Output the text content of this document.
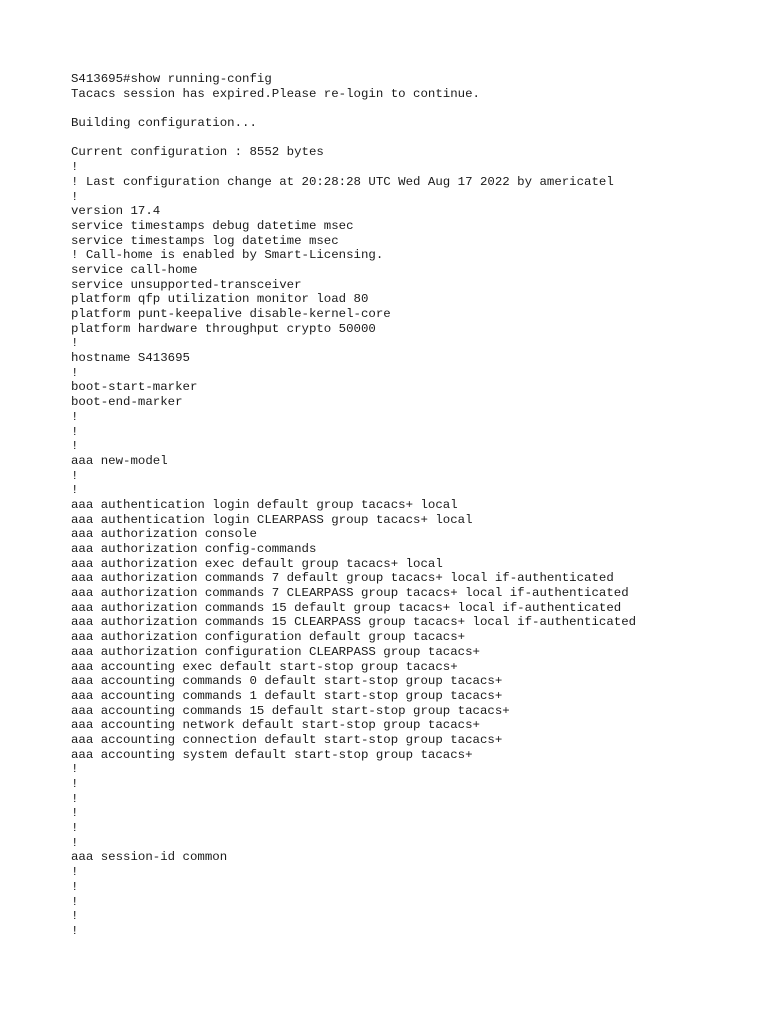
S413695#show running-config
Tacacs session has expired.Please re-login to continue.
Building configuration...
Current configuration : 8552 bytes
!
! Last configuration change at 20:28:28 UTC Wed Aug 17 2022 by americatel
!
version 17.4
service timestamps debug datetime msec
service timestamps log datetime msec
! Call-home is enabled by Smart-Licensing.
service call-home
service unsupported-transceiver
platform qfp utilization monitor load 80
platform punt-keepalive disable-kernel-core
platform hardware throughput crypto 50000
!
hostname S413695
!
boot-start-marker
boot-end-marker
!
!
!
aaa new-model
!
!
aaa authentication login default group tacacs+ local
aaa authentication login CLEARPASS group tacacs+ local
aaa authorization console
aaa authorization config-commands
aaa authorization exec default group tacacs+ local
aaa authorization commands 7 default group tacacs+ local if-authenticated
aaa authorization commands 7 CLEARPASS group tacacs+ local if-authenticated
aaa authorization commands 15 default group tacacs+ local if-authenticated
aaa authorization commands 15 CLEARPASS group tacacs+ local if-authenticated
aaa authorization configuration default group tacacs+
aaa authorization configuration CLEARPASS group tacacs+
aaa accounting exec default start-stop group tacacs+
aaa accounting commands 0 default start-stop group tacacs+
aaa accounting commands 1 default start-stop group tacacs+
aaa accounting commands 15 default start-stop group tacacs+
aaa accounting network default start-stop group tacacs+
aaa accounting connection default start-stop group tacacs+
aaa accounting system default start-stop group tacacs+
!
!
!
!
!
!
aaa session-id common
!
!
!
!
!
